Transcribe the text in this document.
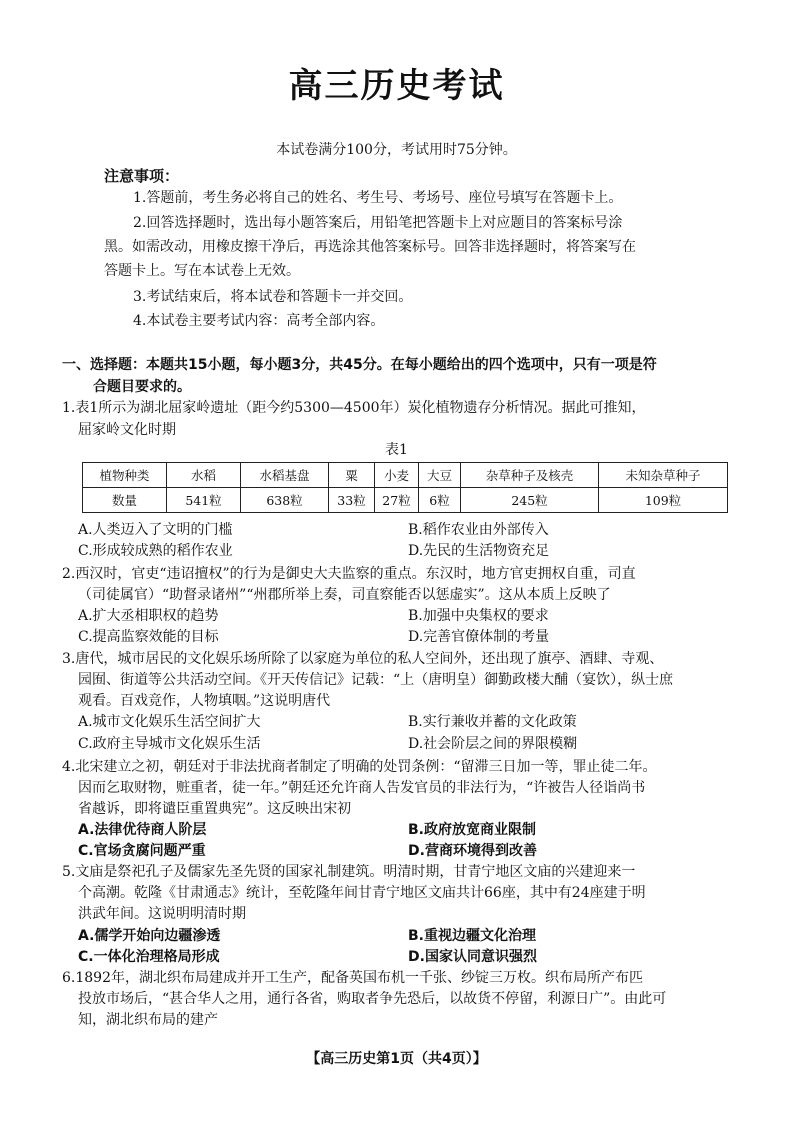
高三历史考试
本试卷满分100分，考试用时75分钟。
注意事项：
1.答题前，考生务必将自己的姓名、考生号、考场号、座位号填写在答题卡上。
2.回答选择题时，选出每小题答案后，用铅笔把答题卡上对应题目的答案标号涂
黑。如需改动，用橡皮擦干净后，再选涂其他答案标号。回答非选择题时，将答案写在
答题卡上。写在本试卷上无效。
3.考试结束后，将本试卷和答题卡一并交回。
4.本试卷主要考试内容：高考全部内容。
一、选择题：本题共15小题，每小题3分，共45分。在每小题给出的四个选项中，只有一项是符
合题目要求的。
1.表1所示为湖北屈家岭遗址（距今约5300—4500年）炭化植物遗存分析情况。据此可推知，
屈家岭文化时期
表1
植物种类	水稻	水稻基盘	粟	小麦	大豆	杂草种子及核壳	未知杂草种子
数量	541粒	638粒	33粒	27粒	6粒	245粒	109粒
A.人类迈入了文明的门槛	B.稻作农业由外部传入
C.形成较成熟的稻作农业	D.先民的生活物资充足
2.西汉时，官吏“违诏擅权”的行为是御史大夫监察的重点。东汉时，地方官吏拥权自重，司直
（司徒属官）“助督录诸州”“州郡所举上奏，司直察能否以惩虚实”。这从本质上反映了
A.扩大丞相职权的趋势	B.加强中央集权的要求
C.提高监察效能的目标	D.完善官僚体制的考量
3.唐代，城市居民的文化娱乐场所除了以家庭为单位的私人空间外，还出现了旗亭、酒肆、寺观、
园囿、街道等公共活动空间。《开天传信记》记载：“上（唐明皇）御勤政楼大酺（宴饮），纵士庶
观看。百戏竞作，人物填咽。”这说明唐代
A.城市文化娱乐生活空间扩大	B.实行兼收并蓄的文化政策
C.政府主导城市文化娱乐生活	D.社会阶层之间的界限模糊
4.北宋建立之初，朝廷对于非法扰商者制定了明确的处罚条例：“留滞三日加一等，罪止徒二年。
因而乞取财物，赃重者，徒一年。”朝廷还允许商人告发官员的非法行为，“许被告人径诣尚书
省越诉，即将谴臣重置典宪”。这反映出宋初
A.法律优待商人阶层	B.政府放宽商业限制
C.官场贪腐问题严重	D.营商环境得到改善
5.文庙是祭祀孔子及儒家先圣先贤的国家礼制建筑。明清时期，甘青宁地区文庙的兴建迎来一
个高潮。乾隆《甘肃通志》统计，至乾隆年间甘青宁地区文庙共计66座，其中有24座建于明
洪武年间。这说明明清时期
A.儒学开始向边疆渗透	B.重视边疆文化治理
C.一体化治理格局形成	D.国家认同意识强烈
6.1892年，湖北织布局建成并开工生产，配备英国布机一千张、纱锭三万枚。织布局所产布匹
投放市场后，“甚合华人之用，通行各省，购取者争先恐后，以故货不停留，利源日广”。由此可
知，湖北织布局的建产
【高三历史第1页（共4页）】
